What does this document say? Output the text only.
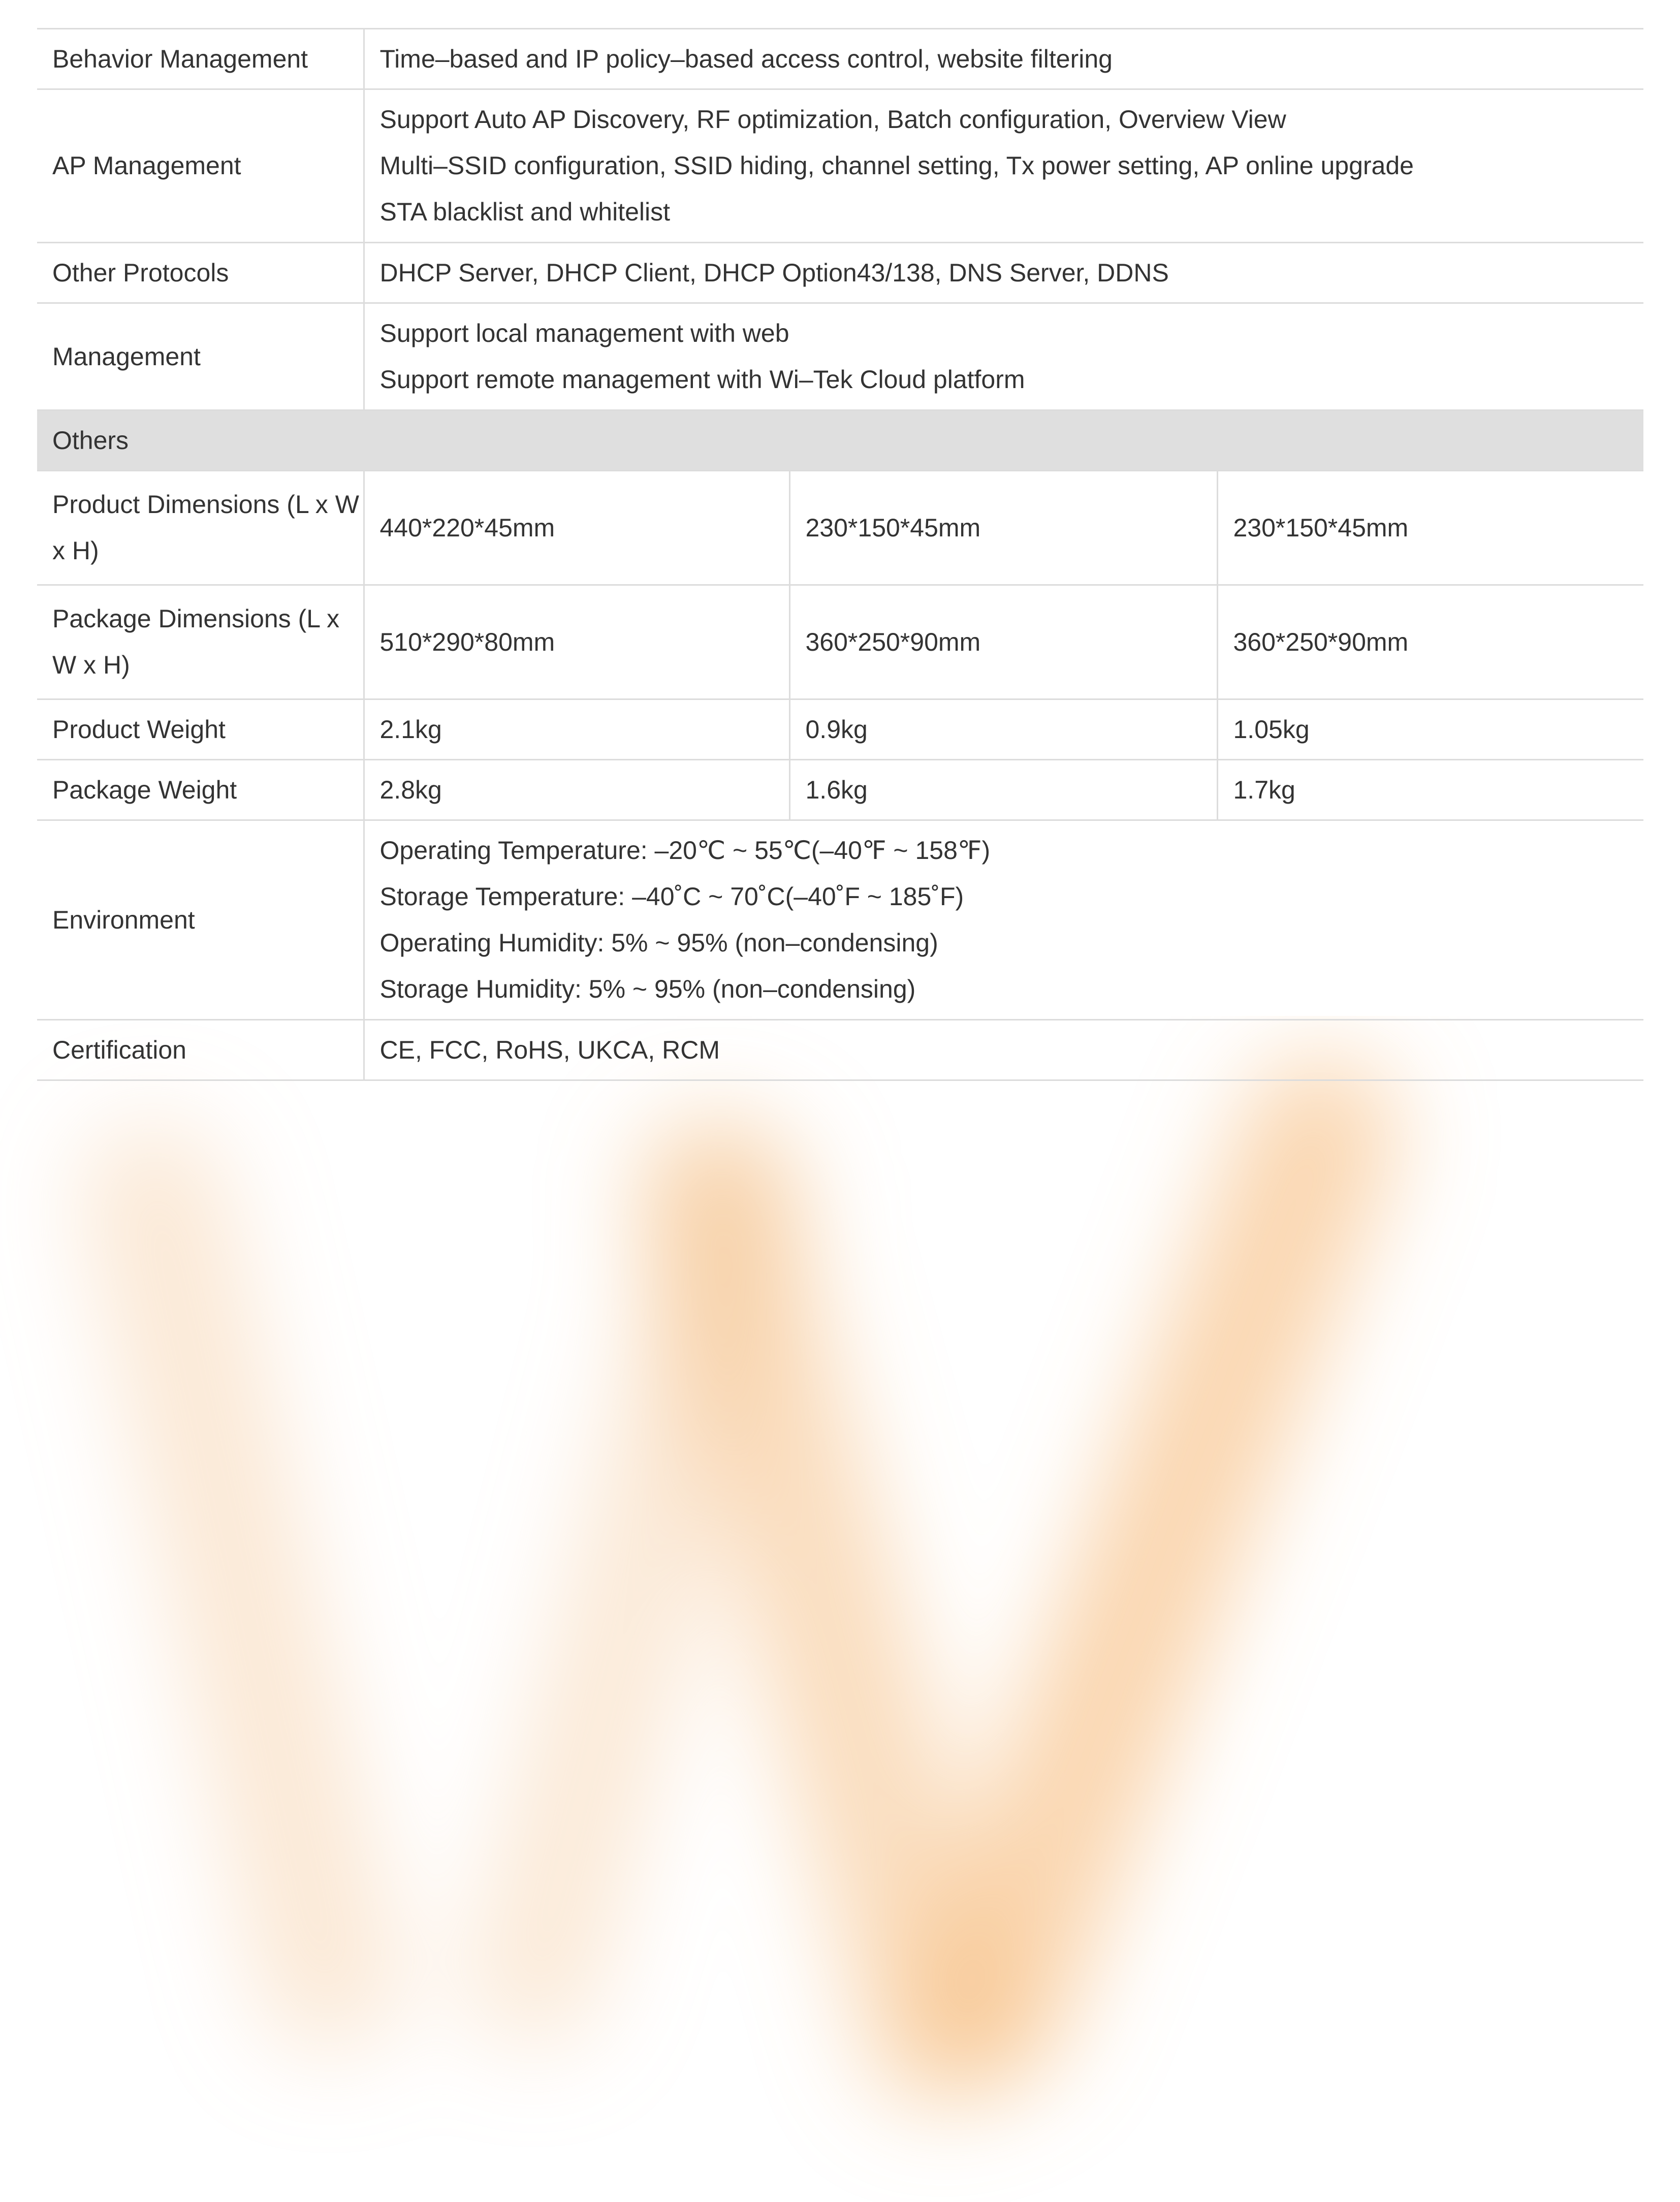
Behavior Management	Time–based and IP policy–based access control, website filtering		

AP Management	Support Auto AP Discovery, RF optimization, Batch configuration, Overview View
Multi–SSID configuration, SSID hiding, channel setting, Tx power setting, AP online upgrade
STA blacklist and whitelist		

Other Protocols	DHCP Server, DHCP Client, DHCP Option43/138, DNS Server, DDNS		

Management	Support local management with web
Support remote management with Wi–Tek Cloud platform		

Others			
Product Dimensions (L x W x H)	440*220*45mm	230*150*45mm	230*150*45mm
Package Dimensions (L x W x H)	510*290*80mm	360*250*90mm	360*250*90mm
Product Weight	2.1kg	0.9kg	1.05kg
Package Weight	2.8kg	1.6kg	1.7kg
Environment	Operating Temperature: –20℃ ~ 55℃(–40℉ ~ 158℉)
Storage Temperature: –40˚C ~ 70˚C(–40˚F ~ 185˚F)
Operating Humidity: 5% ~ 95% (non–condensing)
Storage Humidity: 5% ~ 95% (non–condensing)		

Certification	CE, FCC, RoHS, UKCA, RCM		
